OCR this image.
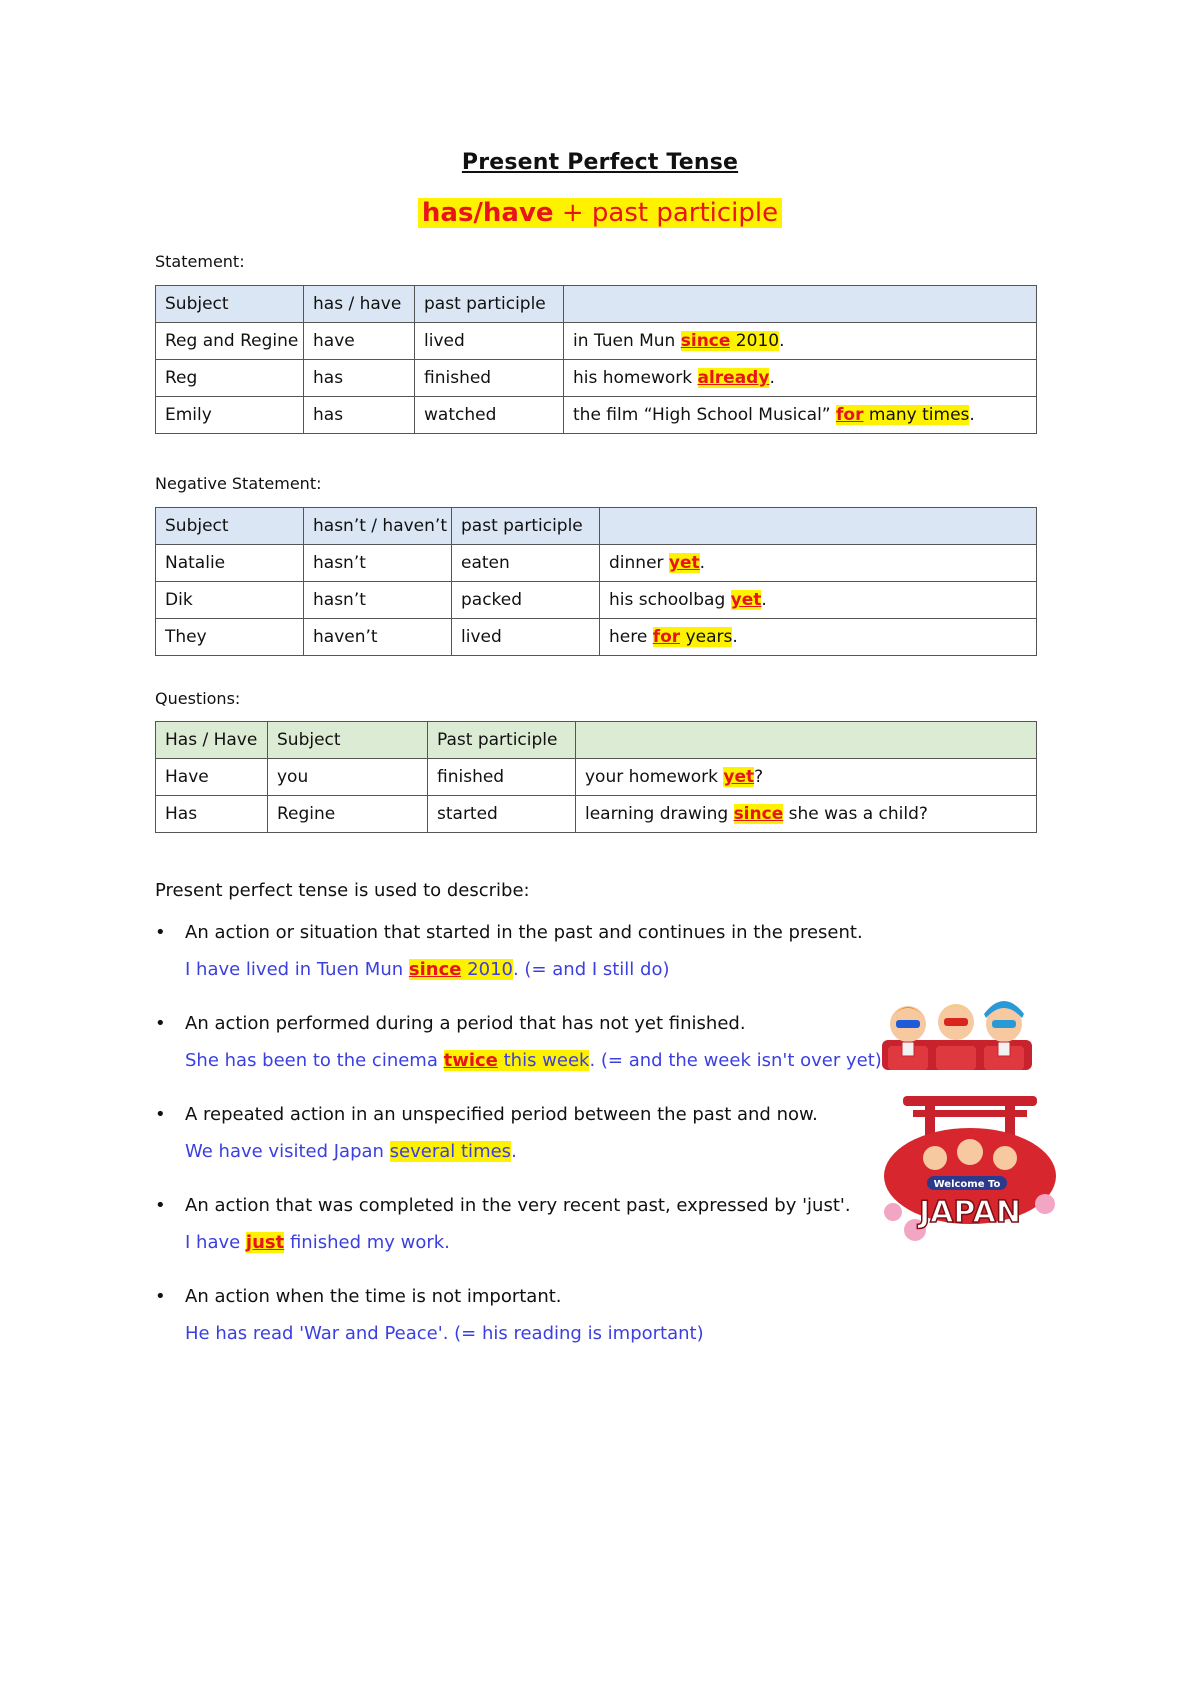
Present Perfect Tense
has/have + past participle
Statement:
Subject	has / have	past participle	
Reg and Regine	have	lived	in Tuen Mun since 2010.
Reg	has	finished	his homework already.
Emily	has	watched	the film “High School Musical” for many times.
Negative Statement:
Subject	hasn’t / haven’t	past participle	
Natalie	hasn’t	eaten	dinner yet.
Dik	hasn’t	packed	his schoolbag yet.
They	haven’t	lived	here for years.
Questions:
Has / Have	Subject	Past participle	
Have	you	finished	your homework yet?
Has	Regine	started	learning drawing since she was a child?
Present perfect tense is used to describe:
• An action or situation that started in the past and continues in the present.
I have lived in Tuen Mun since 2010. (= and I still do)
• An action performed during a period that has not yet finished.
She has been to the cinema twice this week. (= and the week isn't over yet)
• A repeated action in an unspecified period between the past and now.
We have visited Japan several times.
• An action that was completed in the very recent past, expressed by 'just'.
I have just finished my work.
• An action when the time is not important.
He has read 'War and Peace'. (= his reading is important)
Welcome To
JAPAN
